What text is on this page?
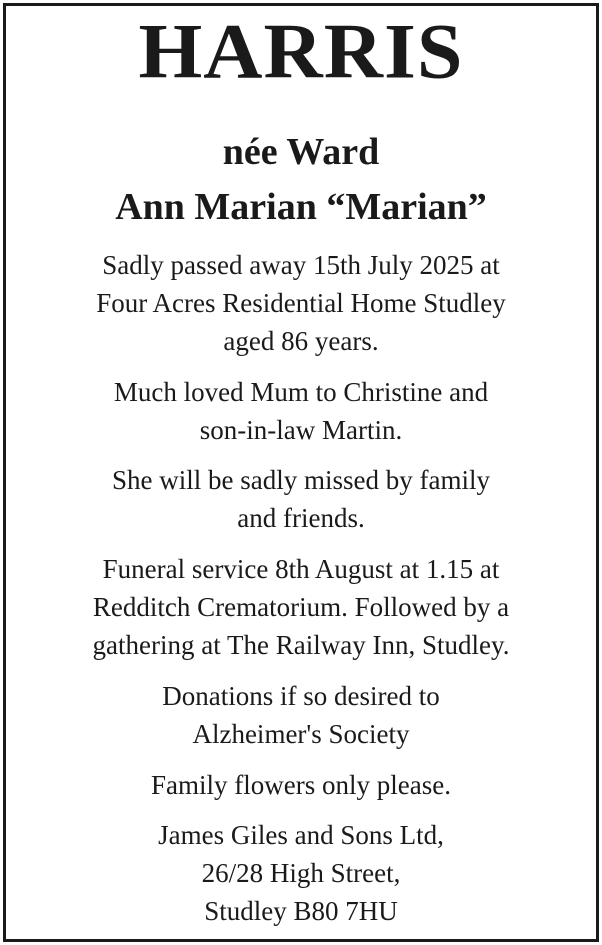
HARRIS
née Ward
Ann Marian “Marian”
Sadly passed away 15th July 2025 at
Four Acres Residential Home Studley
aged 86 years.
Much loved Mum to Christine and
son-in-law Martin.
She will be sadly missed by family
and friends.
Funeral service 8th August at 1.15 at
Redditch Crematorium. Followed by a
gathering at The Railway Inn, Studley.
Donations if so desired to
Alzheimer's Society
Family flowers only please.
James Giles and Sons Ltd,
26/28 High Street,
Studley B80 7HU
